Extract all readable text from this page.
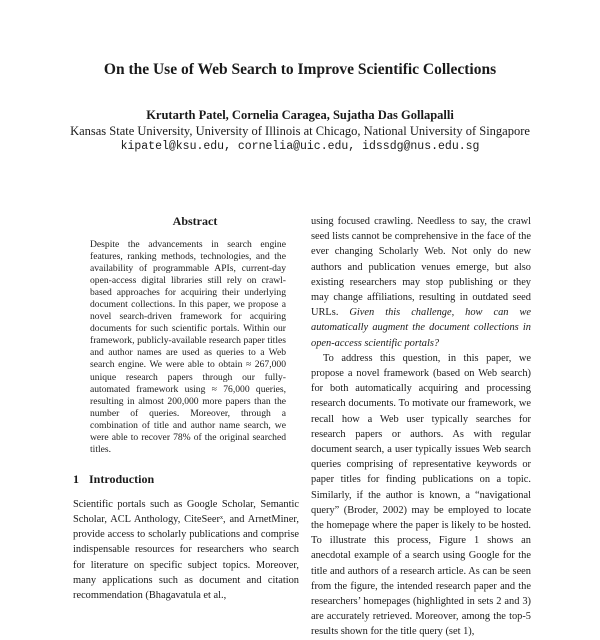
On the Use of Web Search to Improve Scientific Collections
Krutarth Patel, Cornelia Caragea, Sujatha Das Gollapalli
Kansas State University, University of Illinois at Chicago, National University of Singapore
kipatel@ksu.edu, cornelia@uic.edu, idssdg@nus.edu.sg
Abstract
Despite the advancements in search engine features, ranking methods, technologies, and the availability of programmable APIs, current-day open-access digital libraries still rely on crawl-based approaches for acquiring their underlying document collections. In this paper, we propose a novel search-driven framework for acquiring documents for such scientific portals. Within our framework, publicly-available research paper titles and author names are used as queries to a Web search engine. We were able to obtain ≈ 267,000 unique research papers through our fully-automated framework using ≈ 76,000 queries, resulting in almost 200,000 more papers than the number of queries. Moreover, through a combination of title and author name search, we were able to recover 78% of the original searched titles.
1 Introduction
Scientific portals such as Google Scholar, Semantic Scholar, ACL Anthology, CiteSeerˣ, and ArnetMiner, provide access to scholarly publications and comprise indispensable resources for researchers who search for literature on specific subject topics. Moreover, many applications such as document and citation recommendation (Bhagavatula et al.,

using focused crawling. Needless to say, the crawl seed lists cannot be comprehensive in the face of the ever changing Scholarly Web. Not only do new authors and publication venues emerge, but also existing researchers may stop publishing or they may change affiliations, resulting in outdated seed URLs. Given this challenge, how can we automatically augment the document collections in open-access scientific portals?

To address this question, in this paper, we propose a novel framework (based on Web search) for both automatically acquiring and processing research documents. To motivate our framework, we recall how a Web user typically searches for research papers or authors. As with regular document search, a user typically issues Web search queries comprising of representative keywords or paper titles for finding publications on a topic. Similarly, if the author is known, a “navigational query” (Broder, 2002) may be employed to locate the homepage where the paper is likely to be hosted. To illustrate this process, Figure 1 shows an anecdotal example of a search using Google for the title and authors of a research article. As can be seen from the figure, the intended research paper and the researchers’ homepages (highlighted in sets 2 and 3) are accurately retrieved. Moreover, among the top-5 results shown for the title query (set 1),
